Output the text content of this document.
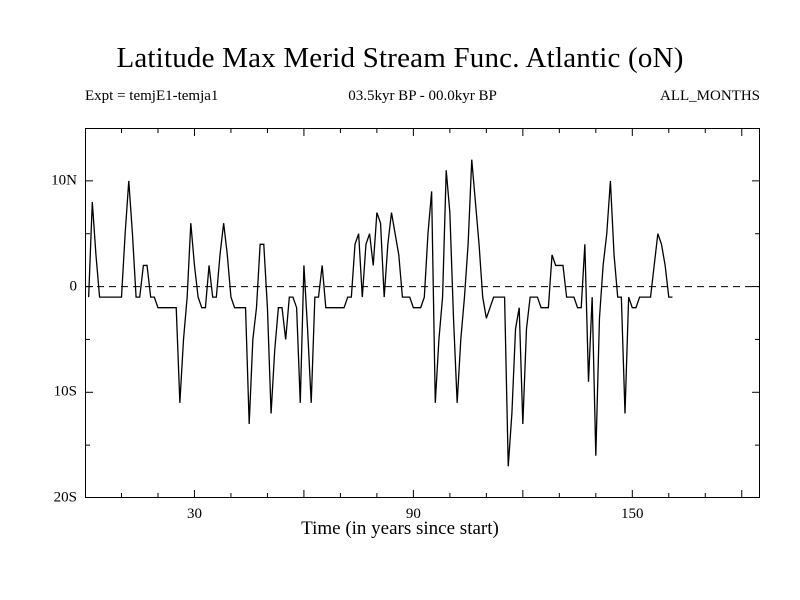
Latitude Max Merid Stream Func. Atlantic (oN)
Expt = temjE1-temja1	03.5kyr BP - 00.0kyr BP	ALL_MONTHS
10N
0
10S
20S
30	90	150
Time (in years since start)
